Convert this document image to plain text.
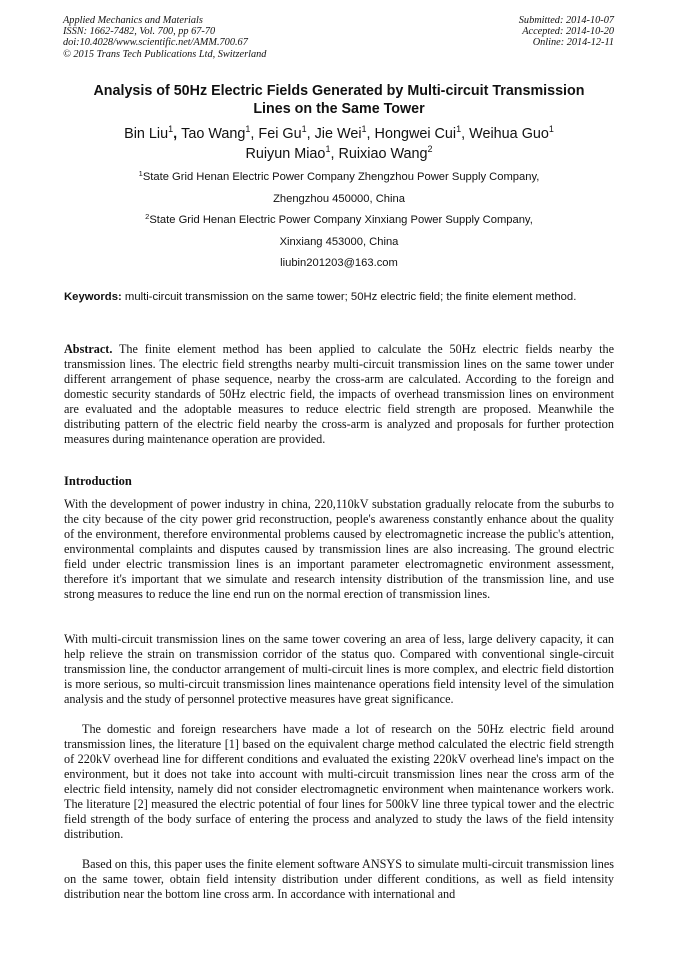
Applied Mechanics and Materials
ISSN: 1662-7482, Vol. 700, pp 67-70
doi:10.4028/www.scientific.net/AMM.700.67
© 2015 Trans Tech Publications Ltd, Switzerland
Submitted: 2014-10-07
Accepted: 2014-10-20
Online: 2014-12-11
Analysis of 50Hz Electric Fields Generated by Multi-circuit Transmission
Lines on the Same Tower
Bin Liu$^1$, Tao Wang$^1$, Fei Gu$^1$, Jie Wei$^1$, Hongwei Cui$^1$, Weihua Guo$^1$
Ruiyun Miao$^1$, Ruixiao Wang$^2$
$^1$State Grid Henan Electric Power Company Zhengzhou Power Supply Company,
Zhengzhou 450000, China
$^2$State Grid Henan Electric Power Company Xinxiang Power Supply Company,
Xinxiang 453000, China
liubin201203@163.com
Keywords: multi-circuit transmission on the same tower; 50Hz electric field; the finite element method.

Abstract. The finite element method has been applied to calculate the 50Hz electric fields nearby the transmission lines. The electric field strengths nearby multi-circuit transmission lines on the same tower under different arrangement of phase sequence, nearby the cross-arm are calculated. According to the foreign and domestic security standards of 50Hz electric field, the impacts of overhead transmission lines on environment are evaluated and the adoptable measures to reduce electric field strength are proposed. Meanwhile the distributing pattern of the electric field nearby the cross-arm is analyzed and proposals for further protection measures during maintenance operation are provided.

Introduction

With the development of power industry in china, 220,110kV substation gradually relocate from the suburbs to the city because of the city power grid reconstruction, people's awareness constantly enhance about the quality of the environment, therefore environmental problems caused by electromagnetic increase the public's attention, environmental complaints and disputes caused by transmission lines are also increasing. The ground electric field under electric transmission lines is an important parameter electromagnetic environment assessment, therefore it's important that we simulate and research intensity distribution of the transmission line, and use strong measures to reduce the line end run on the normal erection of transmission lines.

With multi-circuit transmission lines on the same tower covering an area of less, large delivery capacity, it can help relieve the strain on transmission corridor of the status quo. Compared with conventional single-circuit transmission line, the conductor arrangement of multi-circuit lines is more complex, and electric field distortion is more serious, so multi-circuit transmission lines maintenance operations field intensity level of the simulation analysis and the study of personnel protective measures have great significance.

The domestic and foreign researchers have made a lot of research on the 50Hz electric field around transmission lines, the literature [1] based on the equivalent charge method calculated the electric field strength of 220kV overhead line for different conditions and evaluated the existing 220kV overhead line's impact on the environment, but it does not take into account with multi-circuit transmission lines near the cross arm of the electric field intensity, namely did not consider electromagnetic environment when maintenance workers work. The literature [2] measured the electric potential of four lines for 500kV line three typical tower and the electric field strength of the body surface of entering the process and analyzed to study the laws of the field intensity distribution.

Based on this, this paper uses the finite element software ANSYS to simulate multi-circuit transmission lines on the same tower, obtain field intensity distribution under different conditions, as well as field intensity distribution near the bottom line cross arm. In accordance with international and
